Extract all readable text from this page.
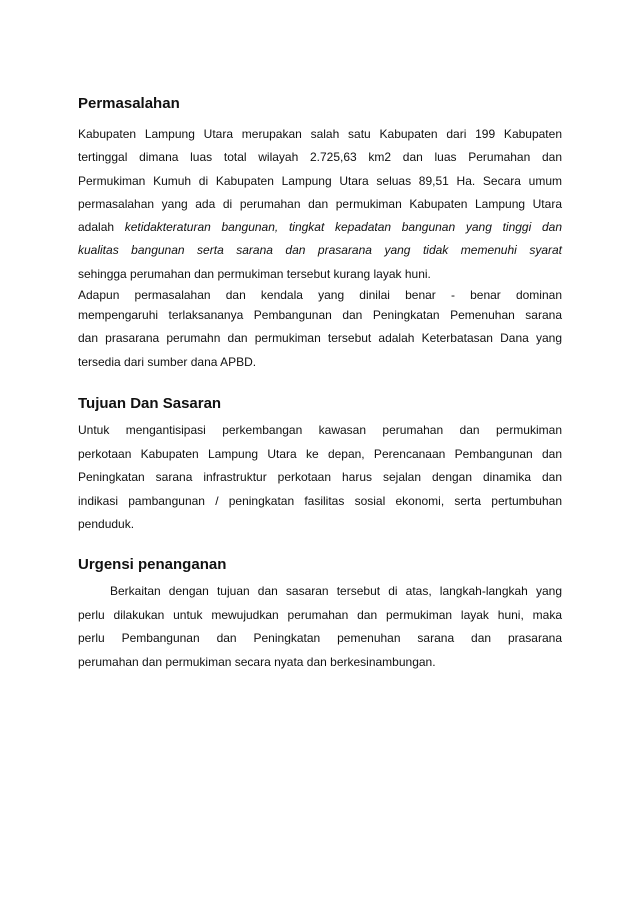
Permasalahan
Kabupaten Lampung Utara merupakan salah satu Kabupaten dari 199 Kabupaten
tertinggal dimana luas total wilayah 2.725,63 km2 dan luas Perumahan dan
Permukiman Kumuh di Kabupaten Lampung Utara seluas 89,51 Ha. Secara umum
permasalahan yang ada di perumahan dan permukiman Kabupaten Lampung Utara
adalah ketidakteraturan bangunan, tingkat kepadatan bangunan yang tinggi dan
kualitas bangunan serta sarana dan prasarana yang tidak memenuhi syarat
sehingga perumahan dan permukiman tersebut kurang layak huni.
Adapun permasalahan dan kendala yang dinilai benar - benar dominan
mempengaruhi terlaksananya Pembangunan dan Peningkatan Pemenuhan sarana
dan prasarana perumahn dan permukiman tersebut adalah Keterbatasan Dana yang
tersedia dari sumber dana APBD.
Tujuan Dan Sasaran
Untuk mengantisipasi perkembangan kawasan perumahan dan permukiman
perkotaan Kabupaten Lampung Utara ke depan, Perencanaan Pembangunan dan
Peningkatan sarana infrastruktur perkotaan harus sejalan dengan dinamika dan
indikasi pambangunan / peningkatan fasilitas sosial ekonomi, serta pertumbuhan
penduduk.
Urgensi penanganan
Berkaitan dengan tujuan dan sasaran tersebut di atas, langkah-langkah yang
perlu dilakukan untuk mewujudkan perumahan dan permukiman layak huni, maka
perlu Pembangunan dan Peningkatan pemenuhan sarana dan prasarana
perumahan dan permukiman secara nyata dan berkesinambungan.
